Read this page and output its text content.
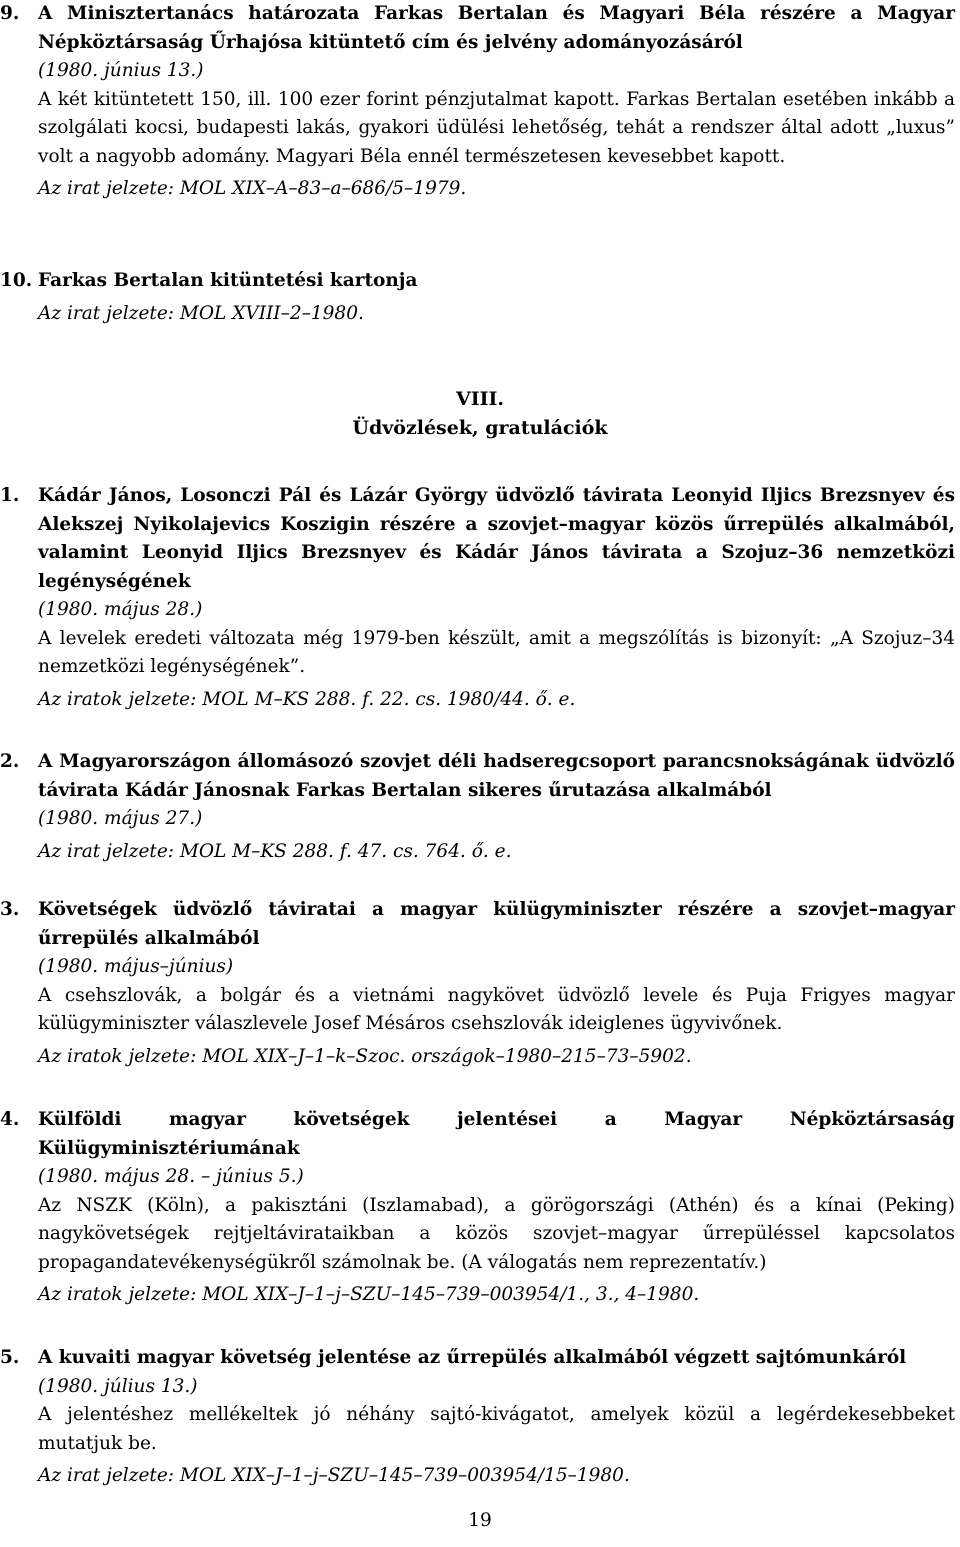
9. A Minisztertanács határozata Farkas Bertalan és Magyari Béla részére a Magyar Népköztársaság Űrhajósa kitüntető cím és jelvény adományozásáról
(1980. június 13.)
A két kitüntetett 150, ill. 100 ezer forint pénzjutalmat kapott. Farkas Bertalan esetében inkább a szolgálati kocsi, budapesti lakás, gyakori üdülési lehetőség, tehát a rendszer által adott „luxus” volt a nagyobb adomány. Magyari Béla ennél természetesen kevesebbet kapott.
Az irat jelzete: MOL XIX–A–83–a–686/5–1979.
10. Farkas Bertalan kitüntetési kartonja
Az irat jelzete: MOL XVIII–2–1980.
VIII.
Üdvözlések, gratulációk
1. Kádár János, Losonczi Pál és Lázár György üdvözlő távirata Leonyid Iljics Brezsnyev és Alekszej Nyikolajevics Koszigin részére a szovjet–magyar közös űrrepülés alkalmából, valamint Leonyid Iljics Brezsnyev és Kádár János távirata a Szojuz–36 nemzetközi legénységének
(1980. május 28.)
A levelek eredeti változata még 1979-ben készült, amit a megszólítás is bizonyít: „A Szojuz–34 nemzetközi legénységének”.
Az iratok jelzete: MOL M–KS 288. f. 22. cs. 1980/44. ő. e.
2. A Magyarországon állomásozó szovjet déli hadseregcsoport parancsnokságának üdvözlő távirata Kádár Jánosnak Farkas Bertalan sikeres űrutazása alkalmából
(1980. május 27.)
Az irat jelzete: MOL M–KS 288. f. 47. cs. 764. ő. e.
3. Követségek üdvözlő táviratai a magyar külügyminiszter részére a szovjet–magyar űrrepülés alkalmából
(1980. május–június)
A csehszlovák, a bolgár és a vietnámi nagykövet üdvözlő levele és Puja Frigyes magyar külügyminiszter válaszlevele Josef Mésáros csehszlovák ideiglenes ügyvivőnek.
Az iratok jelzete: MOL XIX–J–1–k–Szoc. országok–1980–215–73–5902.
4. Külföldi magyar követségek jelentései a Magyar Népköztársaság Külügyminisztériumának
(1980. május 28. – június 5.)
Az NSZK (Köln), a pakisztáni (Iszlamabad), a görögországi (Athén) és a kínai (Peking) nagykövetségek rejtjeltávirataikban a közös szovjet–magyar űrrepüléssel kapcsolatos propagandatevékenységükről számolnak be. (A válogatás nem reprezentatív.)
Az iratok jelzete: MOL XIX–J–1–j–SZU–145–739–003954/1., 3., 4–1980.
5. A kuvaiti magyar követség jelentése az űrrepülés alkalmából végzett sajtómunkáról
(1980. július 13.)
A jelentéshez mellékeltek jó néhány sajtó-kivágatot, amelyek közül a legérdekesebbeket mutatjuk be.
Az irat jelzete: MOL XIX–J–1–j–SZU–145–739–003954/15–1980.
19
